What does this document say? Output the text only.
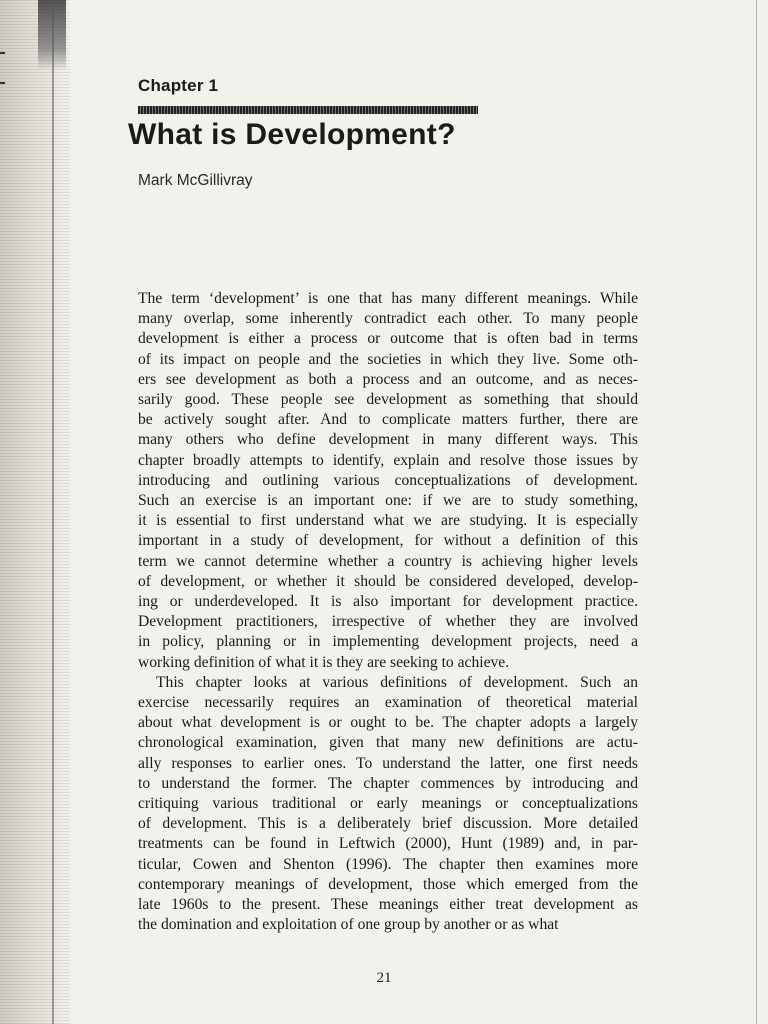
Chapter 1
What is Development?
Mark McGillivray
The term ‘development’ is one that has many different meanings. While
many overlap, some inherently contradict each other. To many people
development is either a process or outcome that is often bad in terms
of its impact on people and the societies in which they live. Some oth-
ers see development as both a process and an outcome, and as neces-
sarily good. These people see development as something that should
be actively sought after. And to complicate matters further, there are
many others who define development in many different ways. This
chapter broadly attempts to identify, explain and resolve those issues by
introducing and outlining various conceptualizations of development.
Such an exercise is an important one: if we are to study something,
it is essential to first understand what we are studying. It is especially
important in a study of development, for without a definition of this
term we cannot determine whether a country is achieving higher levels
of development, or whether it should be considered developed, develop-
ing or underdeveloped. It is also important for development practice.
Development practitioners, irrespective of whether they are involved
in policy, planning or in implementing development projects, need a
working definition of what it is they are seeking to achieve.
This chapter looks at various definitions of development. Such an
exercise necessarily requires an examination of theoretical material
about what development is or ought to be. The chapter adopts a largely
chronological examination, given that many new definitions are actu-
ally responses to earlier ones. To understand the latter, one first needs
to understand the former. The chapter commences by introducing and
critiquing various traditional or early meanings or conceptualizations
of development. This is a deliberately brief discussion. More detailed
treatments can be found in Leftwich (2000), Hunt (1989) and, in par-
ticular, Cowen and Shenton (1996). The chapter then examines more
contemporary meanings of development, those which emerged from the
late 1960s to the present. These meanings either treat development as
the domination and exploitation of one group by another or as what
21
